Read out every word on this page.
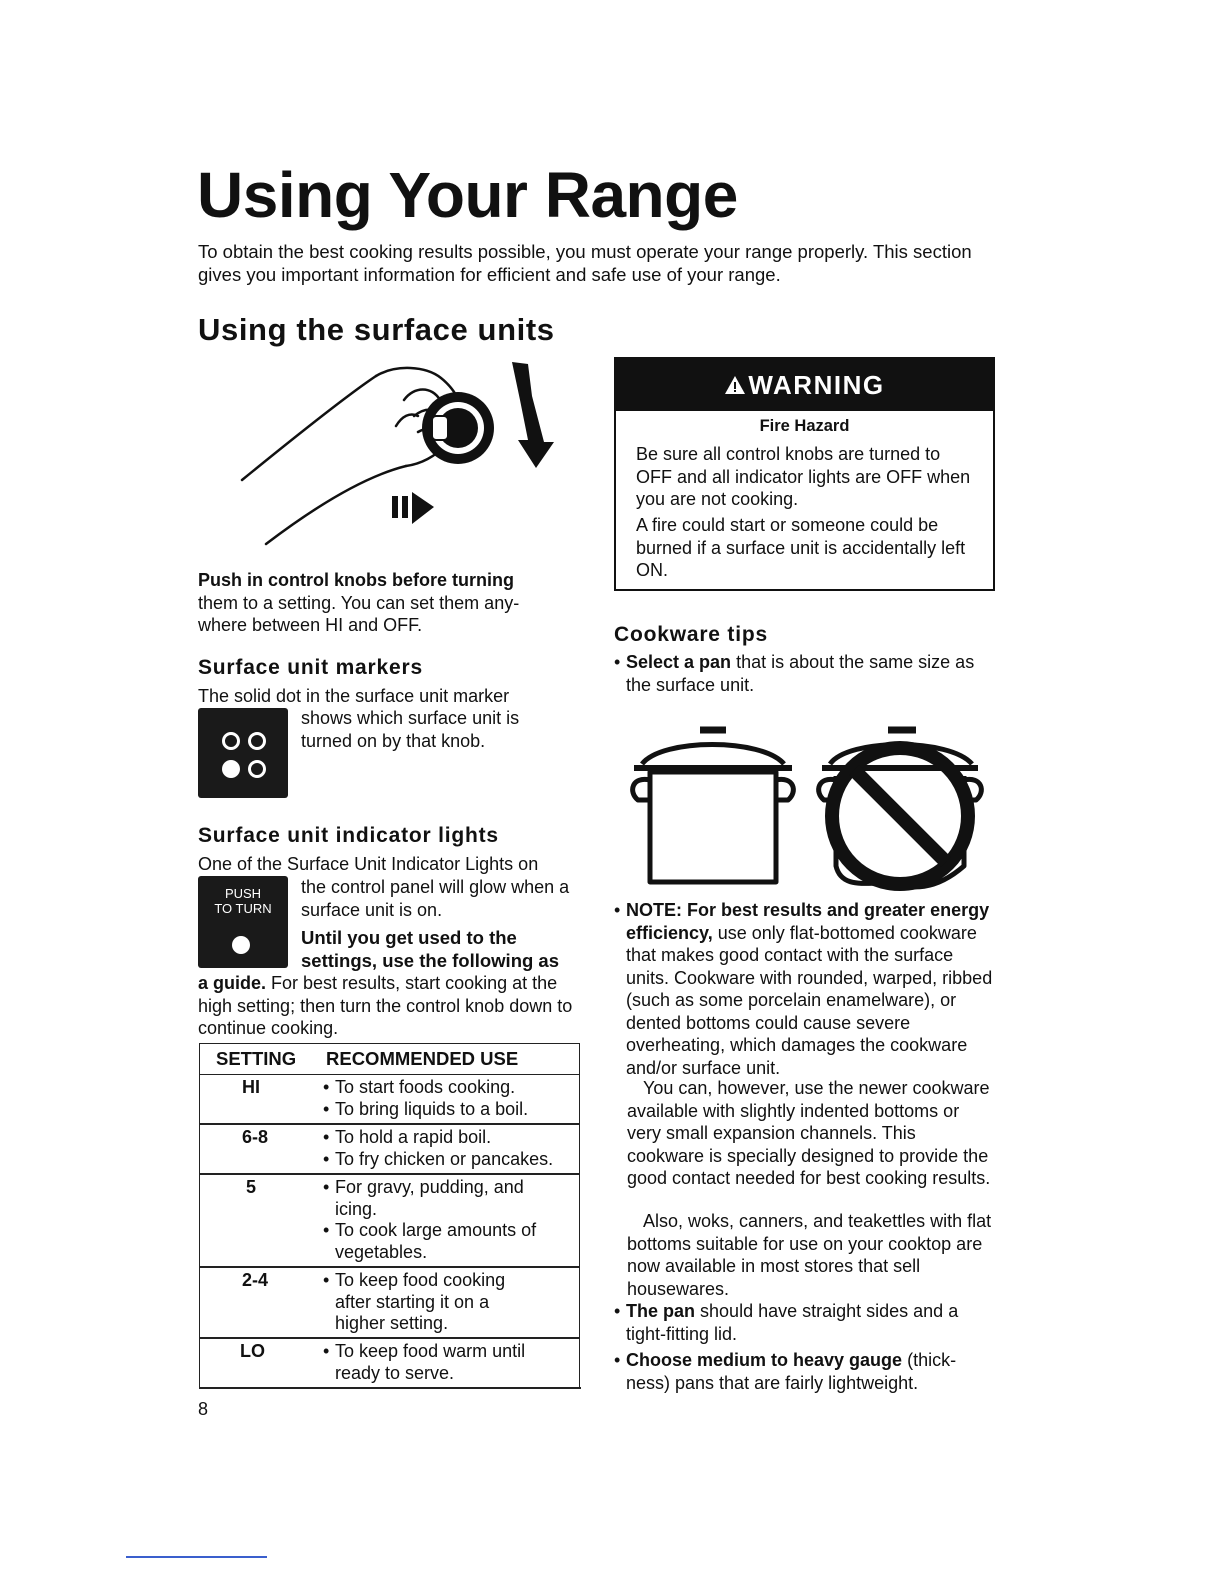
Using Your Range

To obtain the best cooking results possible, you must operate your range properly. This section gives you important information for efficient and safe use of your range.

Using the surface units
Push in control knobs before turning them to a setting. You can set them any-where between HI and OFF.
Surface unit markers
The solid dot in the surface unit marker
shows which surface unit is turned on by that knob.
Surface unit indicator lights
One of the Surface Unit Indicator Lights on
PUSH
TO TURN
the control panel will glow when a surface unit is on.
Until you get used to the settings, use the following as
a guide. For best results, start cooking at the high setting; then turn the control knob down to continue cooking.
SETTING RECOMMENDED USE
HI	• To start foods cooking.
• To bring liquids to a boil.
6-8	• To hold a rapid boil.
• To fry chicken or pancakes.
5	• For gravy, pudding, and icing.
• To cook large amounts of vegetables.
2-4	• To keep food cooking after starting it on a higher setting.
LO	• To keep food warm until ready to serve.
8
WARNING
Fire Hazard
Be sure all control knobs are turned to OFF and all indicator lights are OFF when you are not cooking.
A fire could start or someone could be burned if a surface unit is accidentally left ON.
Cookware tips
• Select a pan that is about the same size as the surface unit.
• NOTE: For best results and greater energy efficiency, use only flat-bottomed cookware that makes good contact with the surface units. Cookware with rounded, warped, ribbed (such as some porcelain enamelware), or dented bottoms could cause severe overheating, which damages the cookware and/or surface unit.
You can, however, use the newer cookware available with slightly indented bottoms or very small expansion channels. This cookware is specially designed to provide the good contact needed for best cooking results.
Also, woks, canners, and teakettles with flat bottoms suitable for use on your cooktop are now available in most stores that sell housewares.
• The pan should have straight sides and a tight-fitting lid.
• Choose medium to heavy gauge (thick-ness) pans that are fairly lightweight.
